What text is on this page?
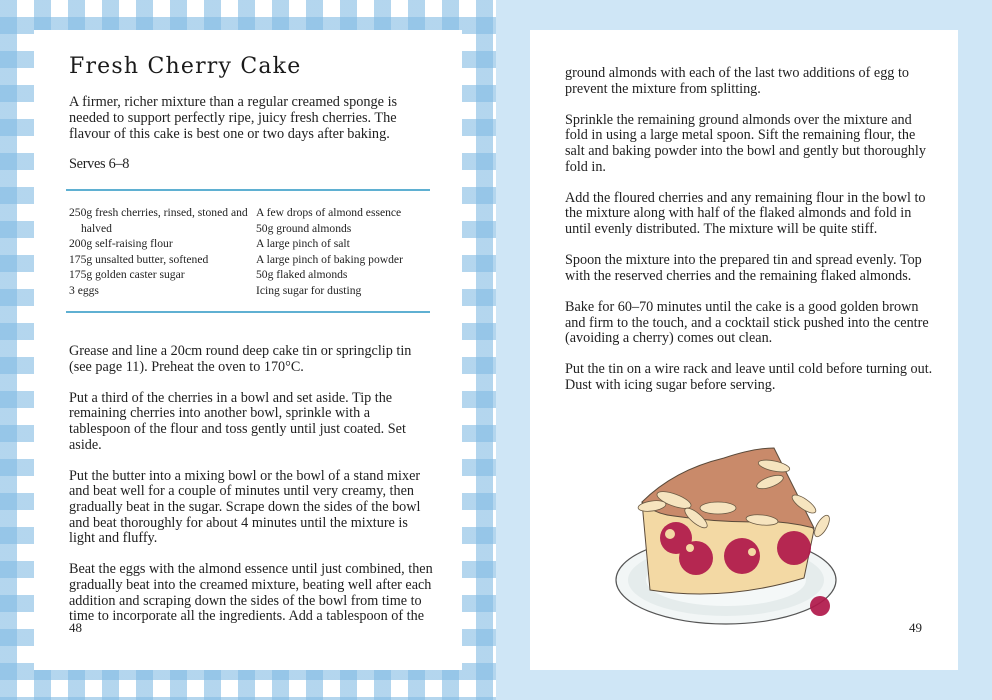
Fresh Cherry Cake

A firmer, richer mixture than a regular creamed sponge is needed to support perfectly ripe, juicy fresh cherries. The flavour of this cake is best one or two days after baking.

Serves 6–8

250g fresh cherries, rinsed, stoned and halved
200g self-raising flour
175g unsalted butter, softened
175g golden caster sugar
3 eggs
A few drops of almond essence
50g ground almonds
A large pinch of salt
A large pinch of baking powder
50g flaked almonds
Icing sugar for dusting

Grease and line a 20cm round deep cake tin or springclip tin (see page 11). Preheat the oven to 170°C.

Put a third of the cherries in a bowl and set aside. Tip the remaining cherries into another bowl, sprinkle with a tablespoon of the flour and toss gently until just coated. Set aside.

Put the butter into a mixing bowl or the bowl of a stand mixer and beat well for a couple of minutes until very creamy, then gradually beat in the sugar. Scrape down the sides of the bowl and beat thoroughly for about 4 minutes until the mixture is light and fluffy.

Beat the eggs with the almond essence until just combined, then gradually beat into the creamed mixture, beating well after each addition and scraping down the sides of the bowl from time to time to incorporate all the ingredients. Add a tablespoon of the

48

ground almonds with each of the last two additions of egg to prevent the mixture from splitting.

Sprinkle the remaining ground almonds over the mixture and fold in using a large metal spoon. Sift the remaining flour, the salt and baking powder into the bowl and gently but thoroughly fold in.

Add the floured cherries and any remaining flour in the bowl to the mixture along with half of the flaked almonds and fold in until evenly distributed. The mixture will be quite stiff.

Spoon the mixture into the prepared tin and spread evenly. Top with the reserved cherries and the remaining flaked almonds.

Bake for 60–70 minutes until the cake is a good golden brown and firm to the touch, and a cocktail stick pushed into the centre (avoiding a cherry) comes out clean.

Put the tin on a wire rack and leave until cold before turning out. Dust with icing sugar before serving.

49
